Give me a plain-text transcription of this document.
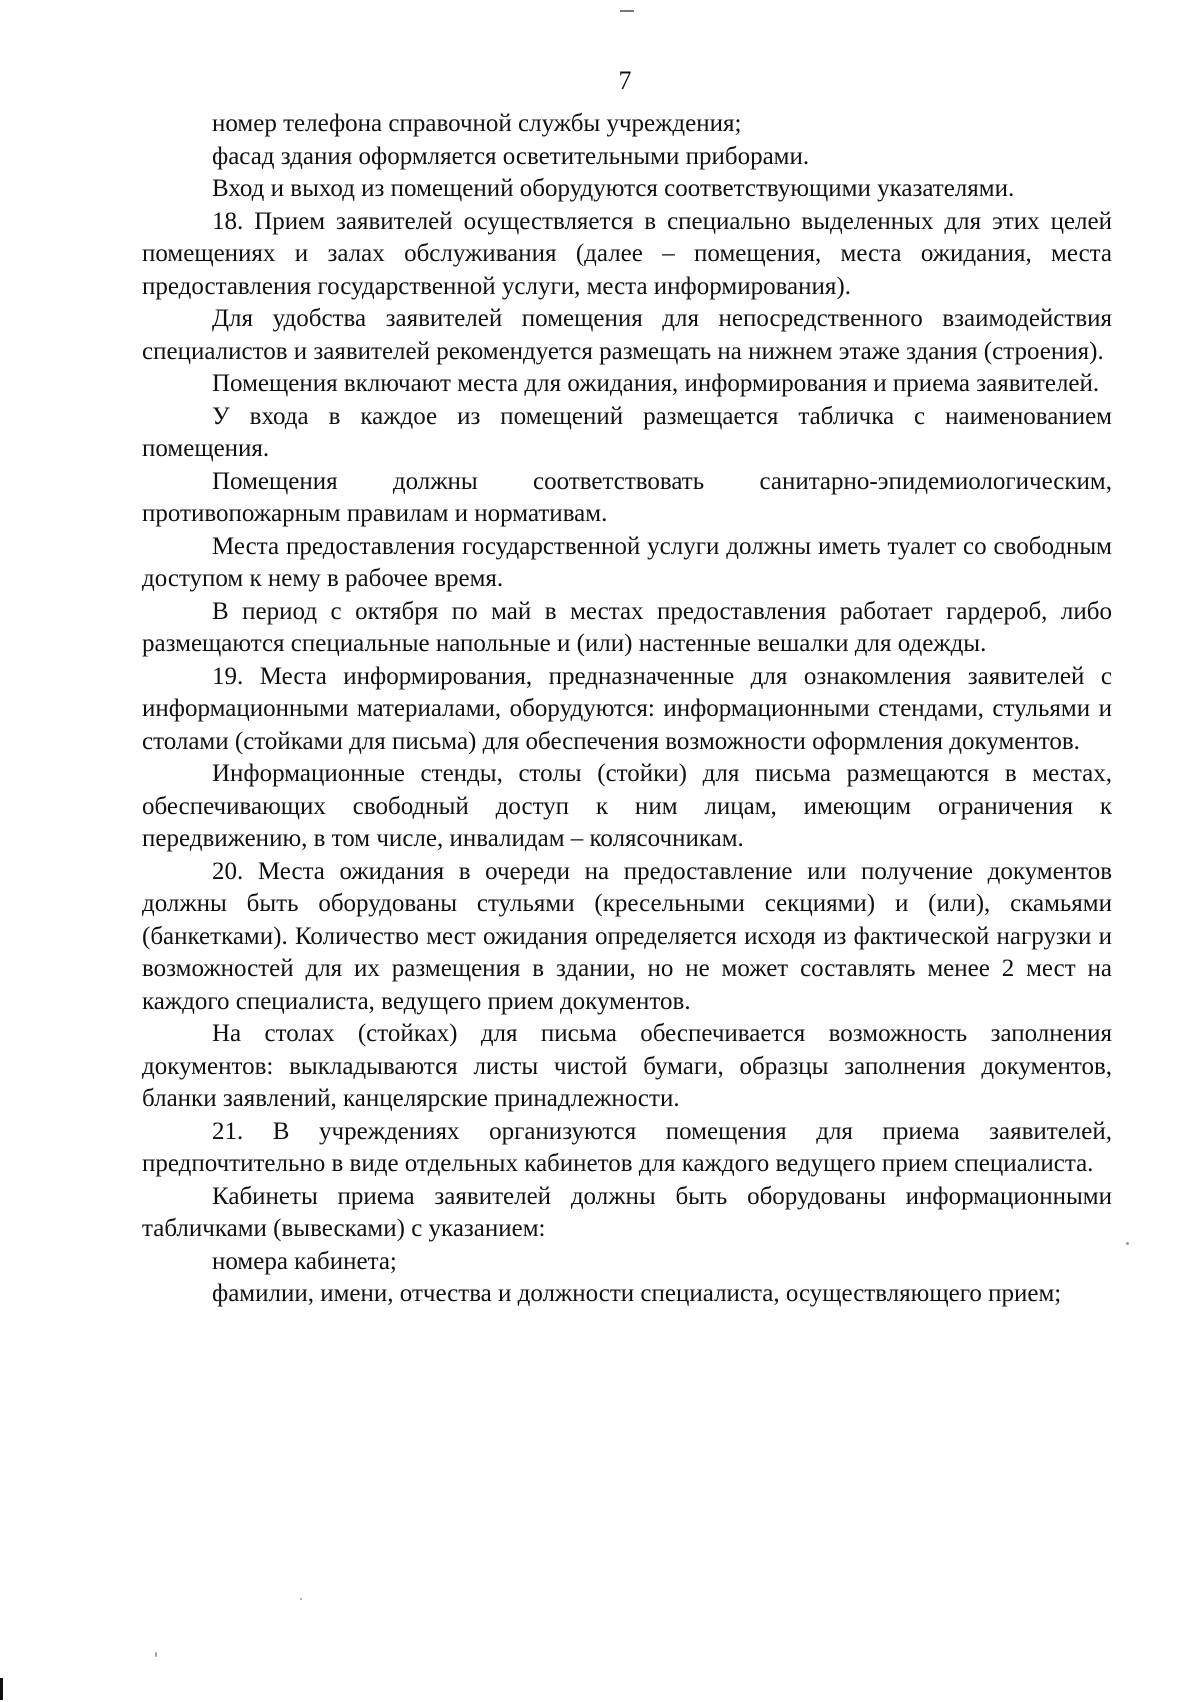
7

номер телефона справочной службы учреждения;

фасад здания оформляется осветительными приборами.

Вход и выход из помещений оборудуются соответствующими указателями.

18. Прием заявителей осуществляется в специально выделенных для этих целей помещениях и залах обслуживания (далее – помещения, места ожидания, места предоставления государственной услуги, места информирования).

Для удобства заявителей помещения для непосредственного взаимодействия специалистов и заявителей рекомендуется размещать на нижнем этаже здания (строения).

Помещения включают места для ожидания, информирования и приема заявителей.

У входа в каждое из помещений размещается табличка с наименованием помещения.

Помещения должны соответствовать санитарно-эпидемиологическим, противопожарным правилам и нормативам.

Места предоставления государственной услуги должны иметь туалет со свободным доступом к нему в рабочее время.

В период с октября по май в местах предоставления работает гардероб, либо размещаются специальные напольные и (или) настенные вешалки для одежды.

19. Места информирования, предназначенные для ознакомления заявителей с информационными материалами, оборудуются: информационными стендами, стульями и столами (стойками для письма) для обеспечения возможности оформления документов.

Информационные стенды, столы (стойки) для письма размещаются в местах, обеспечивающих свободный доступ к ним лицам, имеющим ограничения к передвижению, в том числе, инвалидам – колясочникам.

20. Места ожидания в очереди на предоставление или получение документов должны быть оборудованы стульями (кресельными секциями) и (или), скамьями (банкетками). Количество мест ожидания определяется исходя из фактической нагрузки и возможностей для их размещения в здании, но не может составлять менее 2 мест на каждого специалиста, ведущего прием документов.

На столах (стойках) для письма обеспечивается возможность заполнения документов: выкладываются листы чистой бумаги, образцы заполнения документов, бланки заявлений, канцелярские принадлежности.

21. В учреждениях организуются помещения для приема заявителей, предпочтительно в виде отдельных кабинетов для каждого ведущего прием специалиста.

Кабинеты приема заявителей должны быть оборудованы информационными табличками (вывесками) с указанием:

номера кабинета;

фамилии, имени, отчества и должности специалиста, осуществляющего прием;
